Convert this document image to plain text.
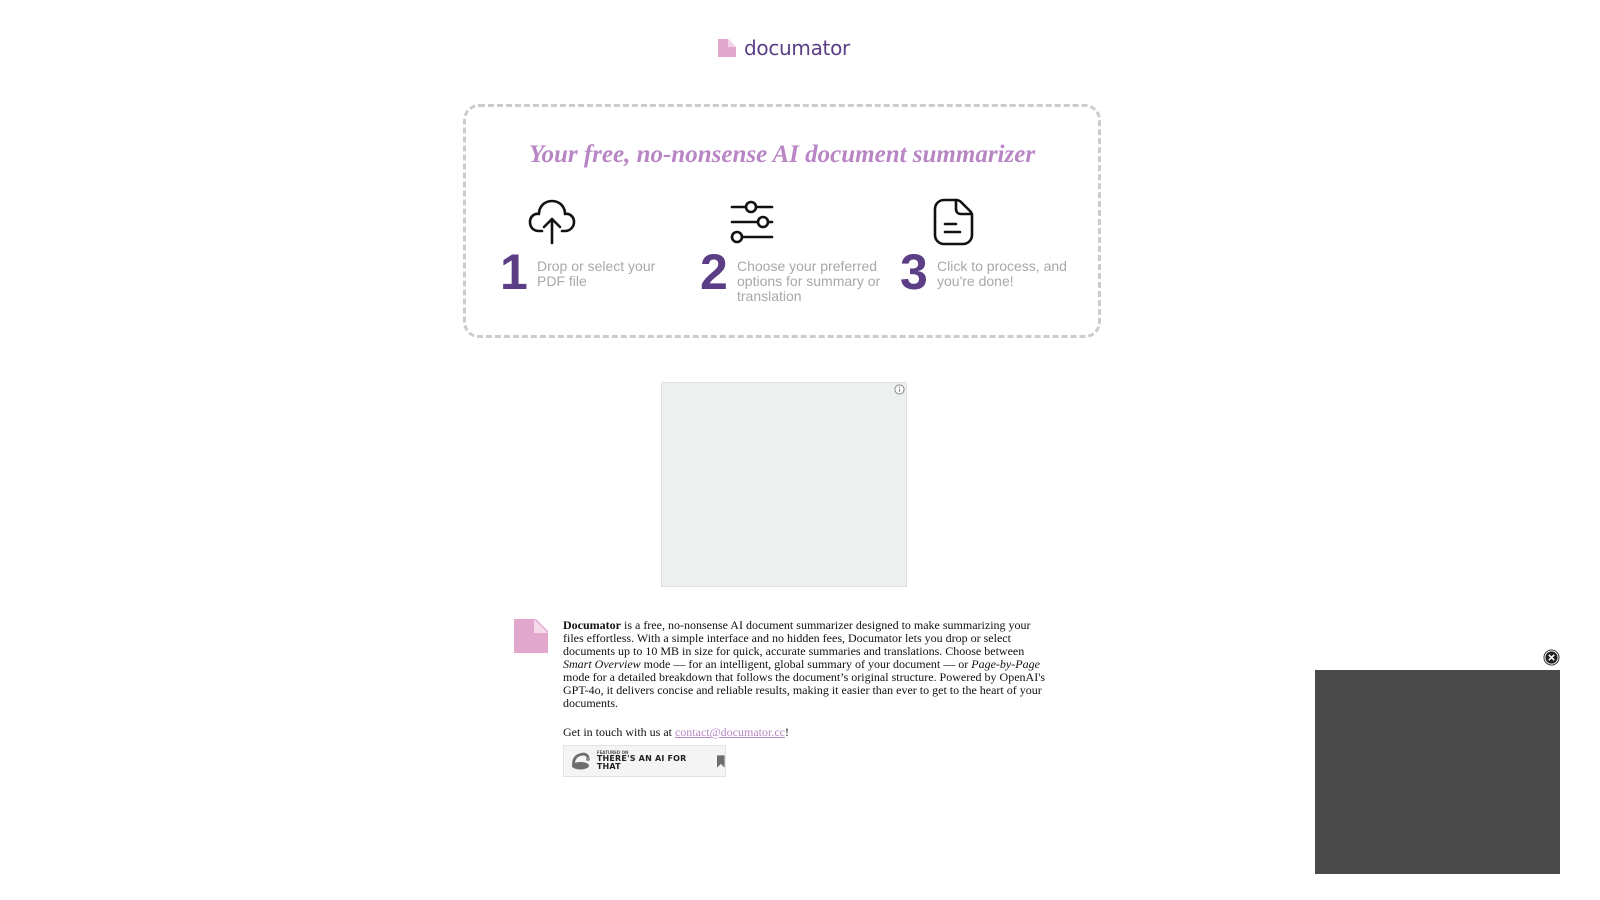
documator
Your free, no-nonsense AI document summarizer
1 Drop or select your PDF file	2 Choose your preferred options for summary or translation	3 Click to process, and you're done!

Documator is a free, no-nonsense AI document summarizer designed to make summarizing your files effortless. With a simple interface and no hidden fees, Documator lets you drop or select documents up to 10 MB in size for quick, accurate summaries and translations. Choose between Smart Overview mode — for an intelligent, global summary of your document — or Page-by-Page mode for a detailed breakdown that follows the document’s original structure. Powered by OpenAI's GPT-4o, it delivers concise and reliable results, making it easier than ever to get to the heart of your documents.

Get in touch with us at contact@documator.cc!

FEATURED ON
THERE'S AN AI FOR THAT
